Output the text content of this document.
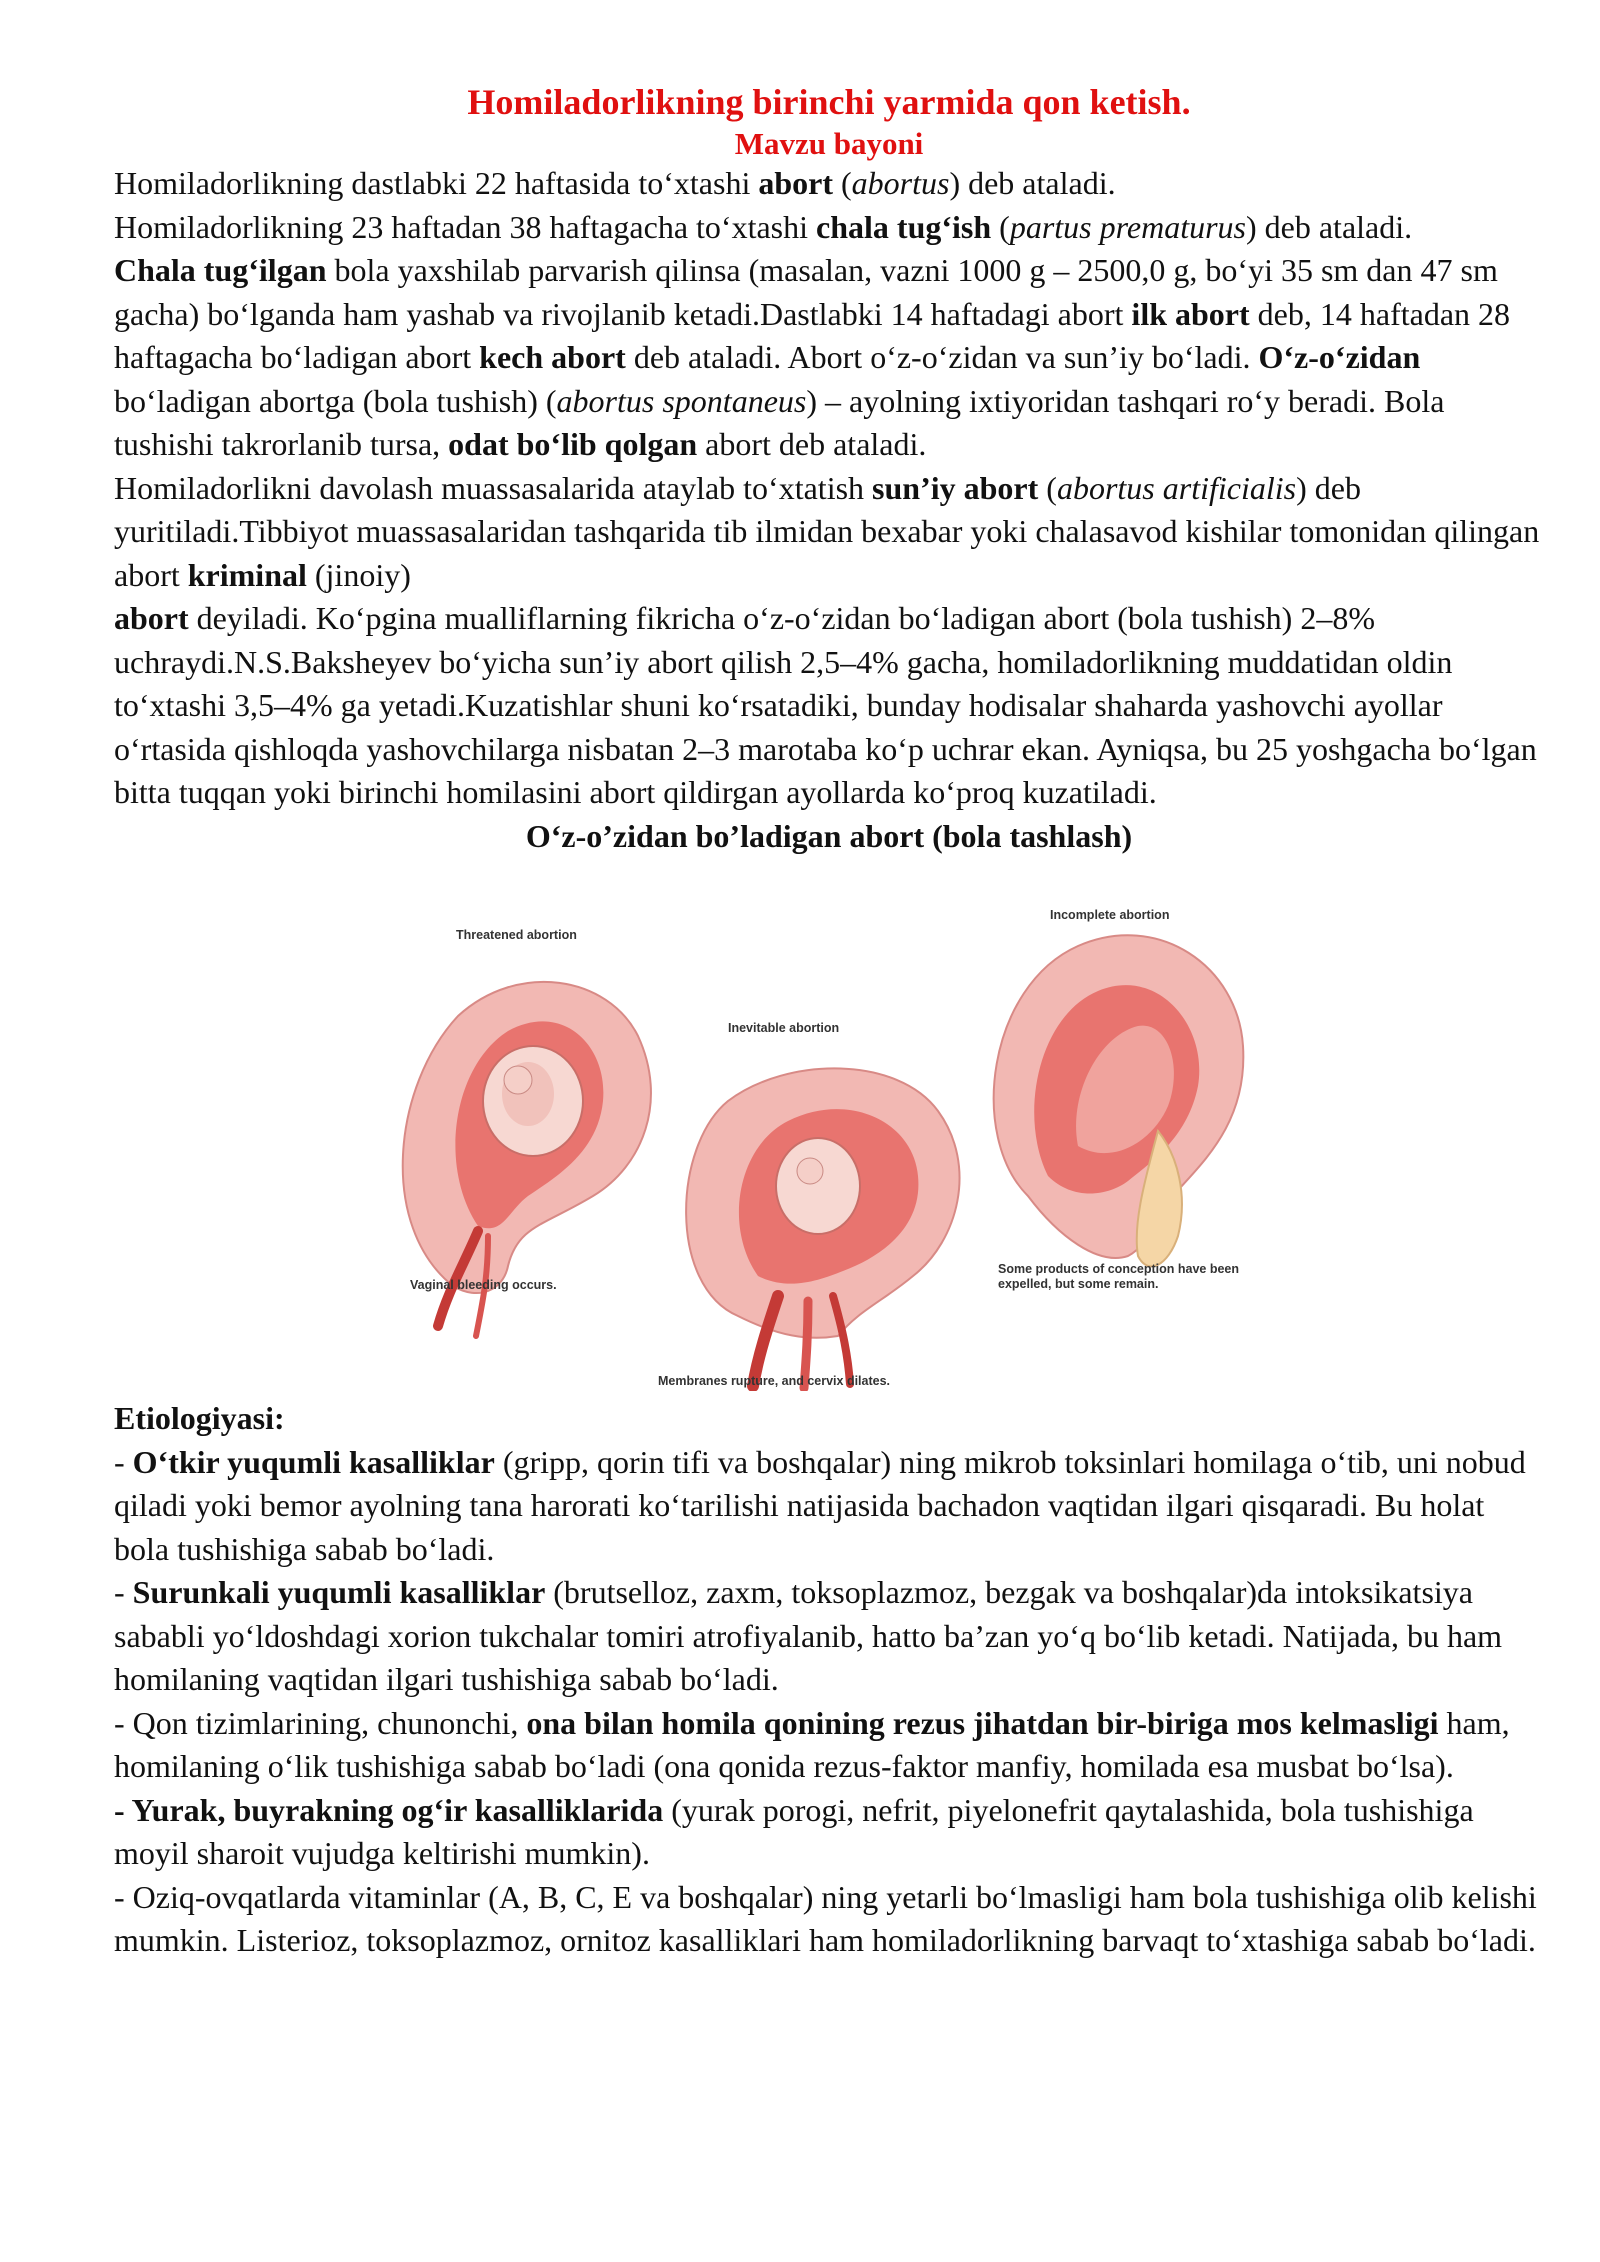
Homiladorlikning birinchi yarmida qon ketish.
Mavzu bayoni

Homiladorlikning dastlabki 22 haftasida to‘xtashi abort (abortus) deb ataladi.

Homiladorlikning 23 haftadan 38 haftagacha to‘xtashi chala tug‘ish (partus prematurus) deb ataladi.

Chala tug‘ilgan bola yaxshilab parvarish qilinsa (masalan, vazni 1000 g – 2500,0 g, bo‘yi 35 sm dan 47 sm gacha) bo‘lganda ham yashab va rivojlanib ketadi.Dastlabki 14 haftadagi abort ilk abort deb, 14 haftadan 28 haftagacha bo‘ladigan abort kech abort deb ataladi. Abort o‘z-o‘zidan va sun’iy bo‘ladi. O‘z-o‘zidan bo‘ladigan abortga (bola tushish) (abortus spontaneus) – ayolning ixtiyoridan tashqari ro‘y beradi. Bola tushishi takrorlanib tursa, odat bo‘lib qolgan abort deb ataladi.

Homiladorlikni davolash muassasalarida ataylab to‘xtatish sun’iy abort (abortus artificialis) deb yuritiladi.Tibbiyot muassasalaridan tashqarida tib ilmidan bexabar yoki chalasavod kishilar tomonidan qilingan abort kriminal (jinoiy)

abort deyiladi. Ko‘pgina mualliflarning fikricha o‘z-o‘zidan bo‘ladigan abort (bola tushish) 2–8% uchraydi.N.S.Baksheyev bo‘yicha sun’iy abort qilish 2,5–4% gacha, homiladorlikning muddatidan oldin to‘xtashi 3,5–4% ga yetadi.Kuzatishlar shuni ko‘rsatadiki, bunday hodisalar shaharda yashovchi ayollar o‘rtasida qishloqda yashovchilarga nisbatan 2–3 marotaba ko‘p uchrar ekan. Ayniqsa, bu 25 yoshgacha bo‘lgan bitta tuqqan yoki birinchi homilasini abort qildirgan ayollarda ko‘proq kuzatiladi.

O‘z-o’zidan bo’ladigan abort (bola tashlash)

Threatened abortion
Inevitable abortion
Incomplete abortion
Vaginal bleeding occurs.
Membranes rupture, and cervix dilates.
Some products of conception have been
expelled, but some remain.

Etiologiyasi:

- O‘tkir yuqumli kasalliklar (gripp, qorin tifi va boshqalar) ning mikrob toksinlari homilaga o‘tib, uni nobud qiladi yoki bemor ayolning tana harorati ko‘tarilishi natijasida bachadon vaqtidan ilgari qisqaradi. Bu holat bola tushishiga sabab bo‘ladi.

- Surunkali yuqumli kasalliklar (brutselloz, zaxm, toksoplazmoz, bezgak va boshqalar)da intoksikatsiya sababli yo‘ldoshdagi xorion tukchalar tomiri atrofiyalanib, hatto ba’zan yo‘q bo‘lib ketadi. Natijada, bu ham homilaning vaqtidan ilgari tushishiga sabab bo‘ladi.

- Qon tizimlarining, chunonchi, ona bilan homila qonining rezus jihatdan bir-biriga mos kelmasligi ham, homilaning o‘lik tushishiga sabab bo‘ladi (ona qonida rezus-faktor manfiy, homilada esa musbat bo‘lsa).

- Yurak, buyrakning og‘ir kasalliklarida (yurak porogi, nefrit, piyelonefrit qaytalashida, bola tushishiga moyil sharoit vujudga keltirishi mumkin).

- Oziq-ovqatlarda vitaminlar (A, B, C, E va boshqalar) ning yetarli bo‘lmasligi ham bola tushishiga olib kelishi mumkin. Listerioz, toksoplazmoz, ornitoz kasalliklari ham homiladorlikning barvaqt to‘xtashiga sabab bo‘ladi.
